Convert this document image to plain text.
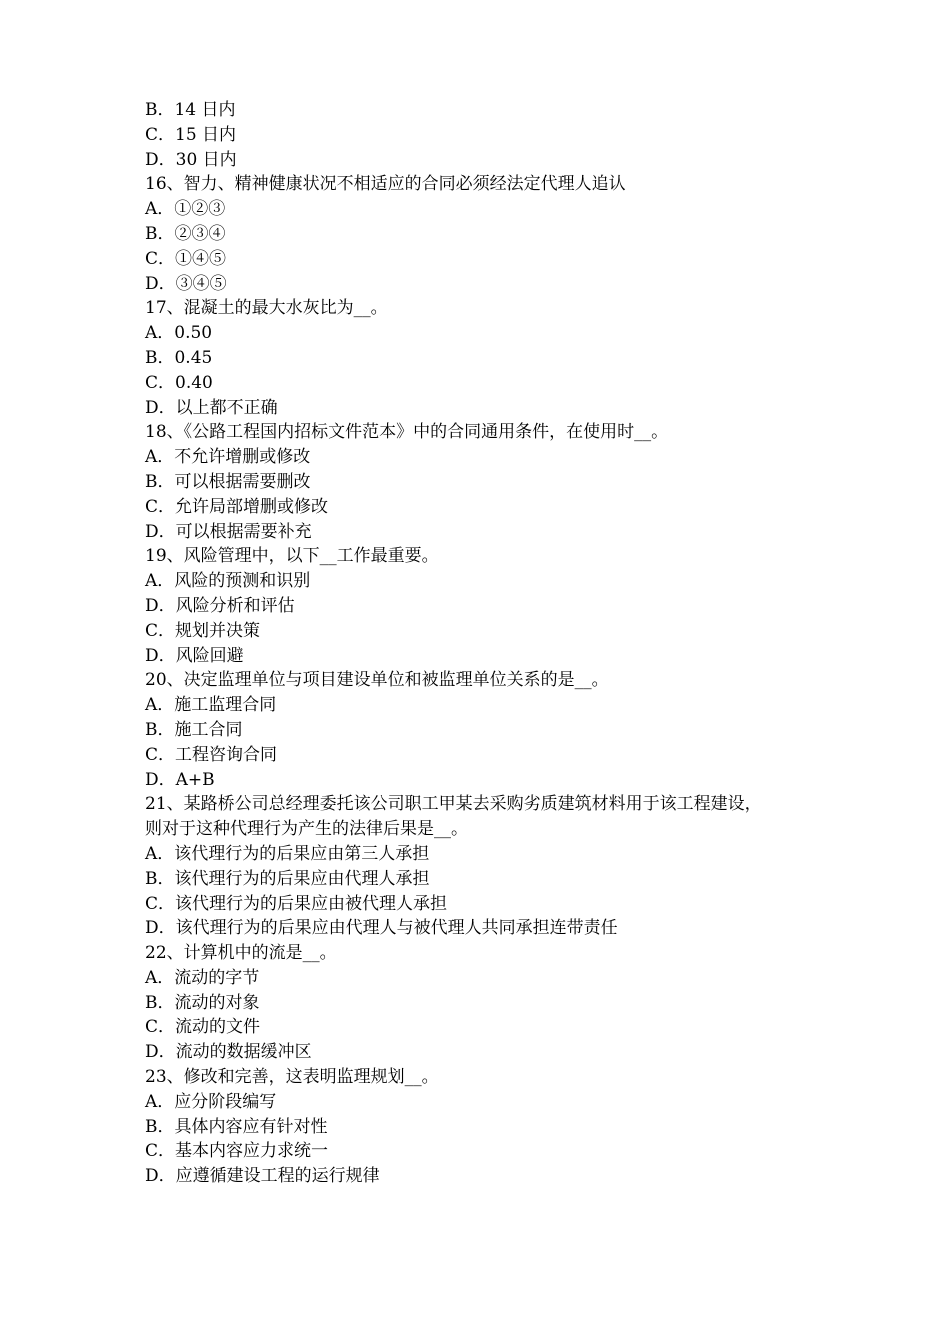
B．14 日内
C．15 日内
D．30 日内
16、智力、精神健康状况不相适应的合同必须经法定代理人追认
A．①②③
B．②③④
C．①④⑤
D．③④⑤
17、混凝土的最大水灰比为__。
A．0.50
B．0.45
C．0.40
D．以上都不正确
18、《公路工程国内招标文件范本》中的合同通用条件，在使用时__。
A．不允许增删或修改
B．可以根据需要删改
C．允许局部增删或修改
D．可以根据需要补充
19、风险管理中，以下__工作最重要。
A．风险的预测和识别
D．风险分析和评估
C．规划并决策
D．风险回避
20、决定监理单位与项目建设单位和被监理单位关系的是__。
A．施工监理合同
B．施工合同
C．工程咨询合同
D．A+B
21、某路桥公司总经理委托该公司职工甲某去采购劣质建筑材料用于该工程建设，
则对于这种代理行为产生的法律后果是__。
A．该代理行为的后果应由第三人承担
B．该代理行为的后果应由代理人承担
C．该代理行为的后果应由被代理人承担
D．该代理行为的后果应由代理人与被代理人共同承担连带责任
22、计算机中的流是__。
A．流动的字节
B．流动的对象
C．流动的文件
D．流动的数据缓冲区
23、修改和完善，这表明监理规划__。
A．应分阶段编写
B．具体内容应有针对性
C．基本内容应力求统一
D．应遵循建设工程的运行规律
